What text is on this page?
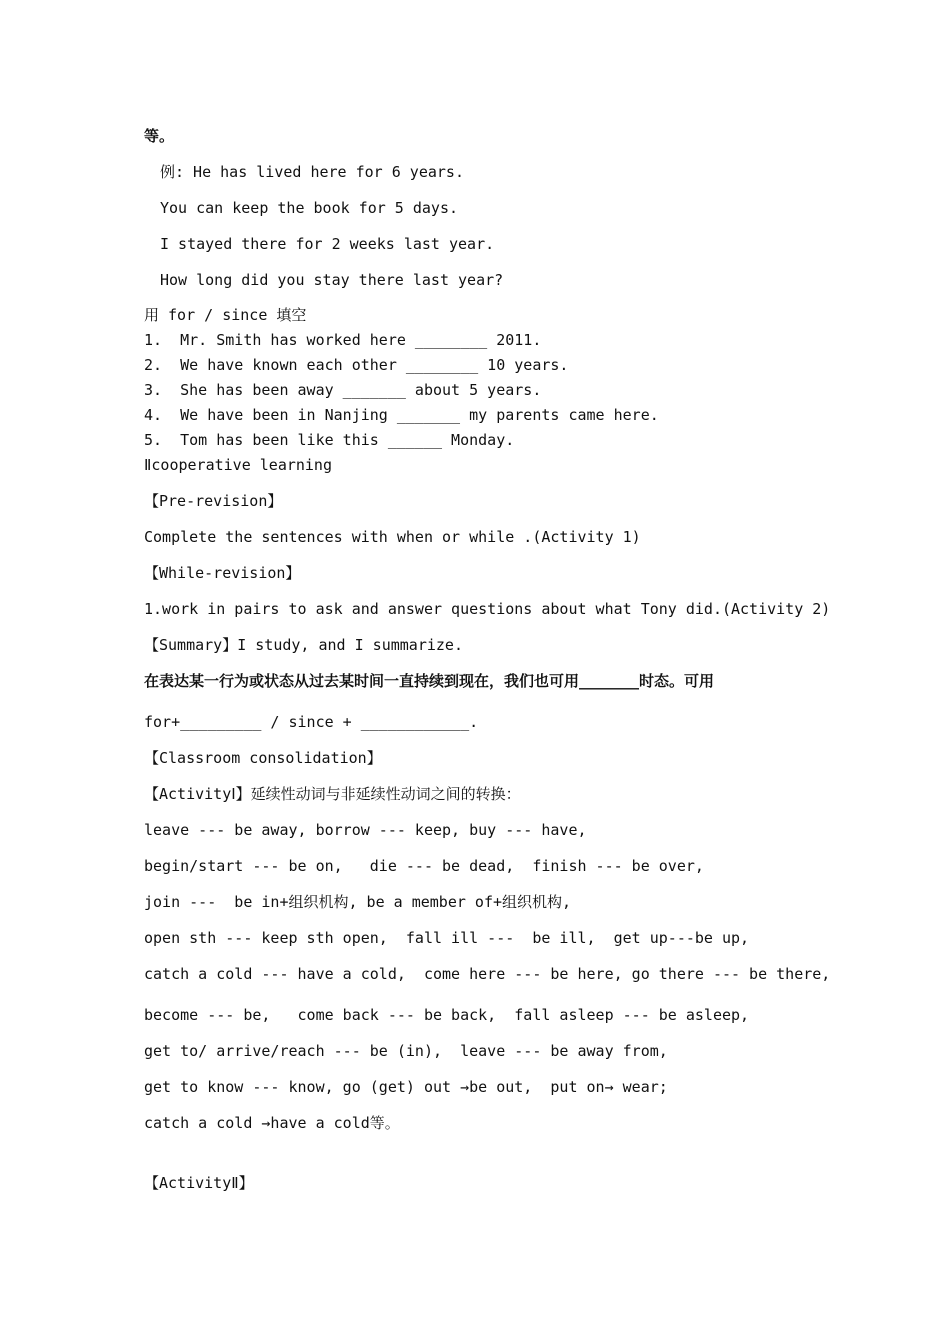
等。
例: He has lived here for 6 years.
You can keep the book for 5 days.
I stayed there for 2 weeks last year.
How long did you stay there last year?
用 for / since 填空
1.  Mr. Smith has worked here ________ 2011.
2.  We have known each other ________ 10 years.
3.  She has been away _______ about 5 years.
4.  We have been in Nanjing _______ my parents came here.
5.  Tom has been like this ______ Monday.
Ⅱcooperative learning
【Pre-revision】
Complete the sentences with when or while .(Activity 1)
【While-revision】
1.work in pairs to ask and answer questions about what Tony did.(Activity 2)
【Summary】I study, and I summarize.
在表达某一行为或状态从过去某时间一直持续到现在，我们也可用________时态。可用
for+_________ / since + ____________.
【Classroom consolidation】
【ActivityⅠ】延续性动词与非延续性动词之间的转换：
leave --- be away, borrow --- keep, buy --- have,
begin/start --- be on,   die --- be dead,  finish --- be over,
join ---  be in+组织机构, be a member of+组织机构,
open sth --- keep sth open,  fall ill ---  be ill,  get up---be up,
catch a cold --- have a cold,  come here --- be here, go there --- be there,
become --- be,   come back --- be back,  fall asleep --- be asleep,
get to/ arrive/reach --- be (in),  leave --- be away from,
get to know --- know, go (get) out →be out,  put on→ wear;
catch a cold →have a cold等。
【ActivityⅡ】
